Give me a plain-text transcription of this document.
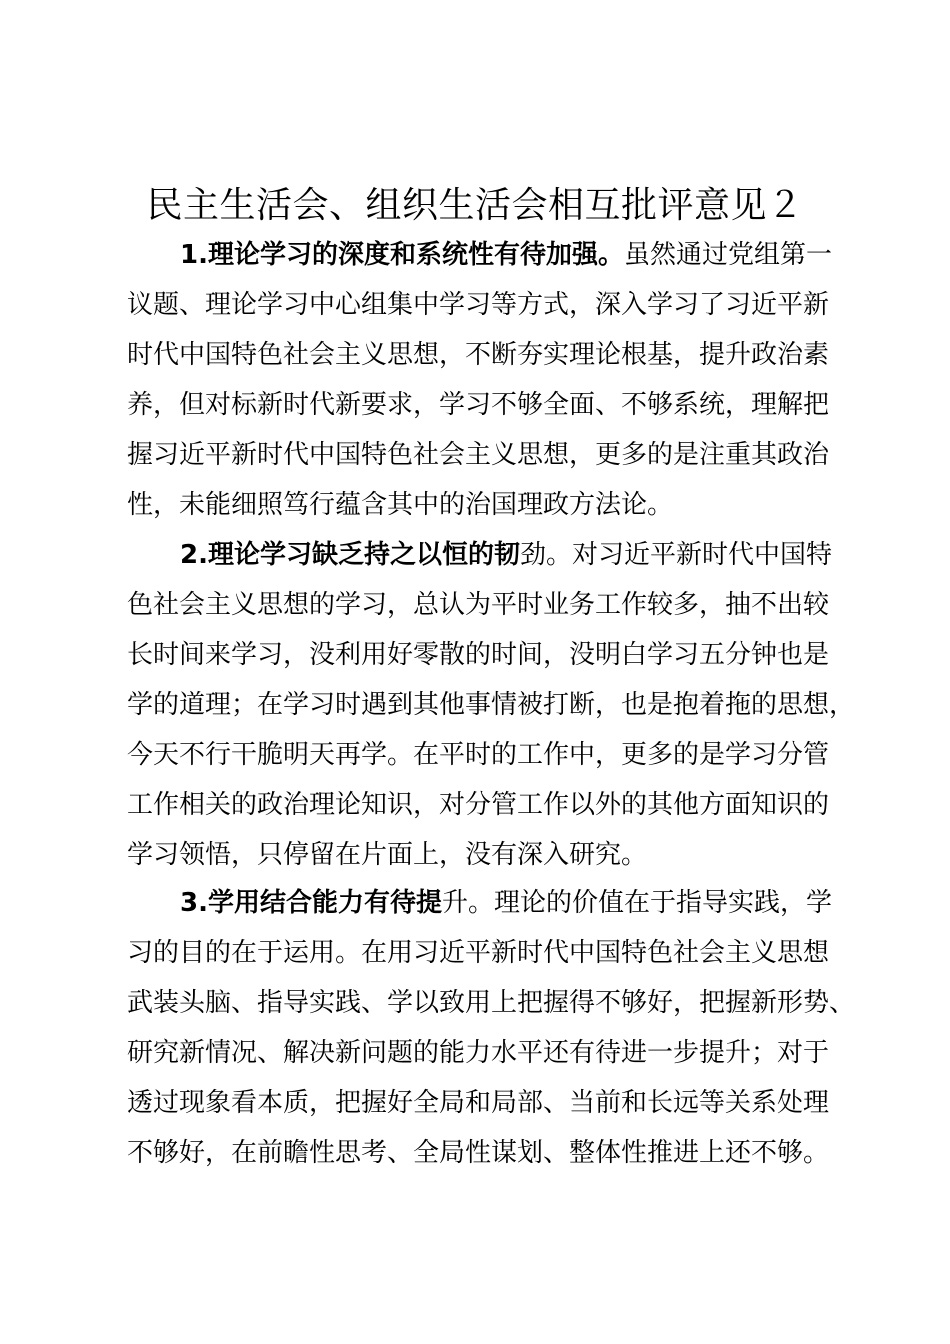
民主生活会、组织生活会相互批评意见２
1.理论学习的深度和系统性有待加强。虽然通过党组第一
议题、理论学习中心组集中学习等方式，深入学习了习近平新
时代中国特色社会主义思想，不断夯实理论根基，提升政治素
养，但对标新时代新要求，学习不够全面、不够系统，理解把
握习近平新时代中国特色社会主义思想，更多的是注重其政治
性，未能细照笃行蕴含其中的治国理政方法论。
2.理论学习缺乏持之以恒的韧劲。对习近平新时代中国特
色社会主义思想的学习，总认为平时业务工作较多，抽不出较
长时间来学习，没利用好零散的时间，没明白学习五分钟也是
学的道理；在学习时遇到其他事情被打断，也是抱着拖的思想，
今天不行干脆明天再学。在平时的工作中，更多的是学习分管
工作相关的政治理论知识，对分管工作以外的其他方面知识的
学习领悟，只停留在片面上，没有深入研究。
3.学用结合能力有待提升。理论的价值在于指导实践，学
习的目的在于运用。在用习近平新时代中国特色社会主义思想
武装头脑、指导实践、学以致用上把握得不够好，把握新形势、
研究新情况、解决新问题的能力水平还有待进一步提升；对于
透过现象看本质，把握好全局和局部、当前和长远等关系处理
不够好，在前瞻性思考、全局性谋划、整体性推进上还不够。
